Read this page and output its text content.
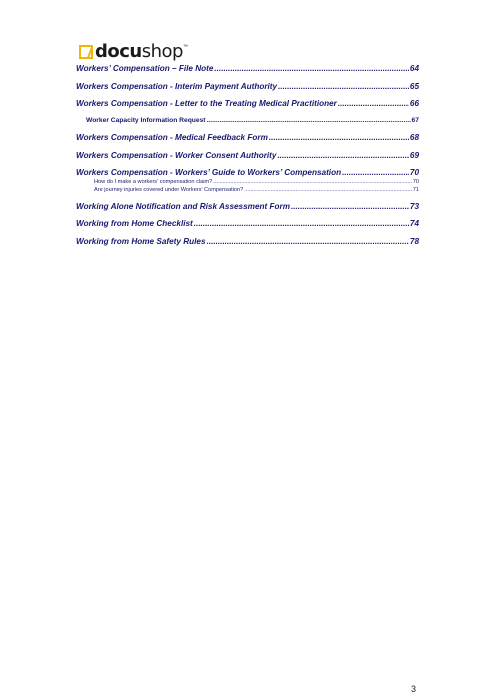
docushop ™
Workers’ Compensation – File Note .....	64
Workers Compensation - Interim Payment Authority .....	65
Workers Compensation - Letter to the Treating Medical Practitioner .....	66
Worker Capacity Information Request .....	67
Workers Compensation - Medical Feedback Form .....	68
Workers Compensation - Worker Consent Authority .....	69
Workers Compensation - Workers’ Guide to Workers’ Compensation .....	70
How do I make a workers’ compensation claim? .....	70
Are journey injuries covered under Workers’ Compensation? .....	71
Working Alone Notification and Risk Assessment Form .....	73
Working from Home Checklist .....	74
Working from Home Safety Rules .....	78
3
